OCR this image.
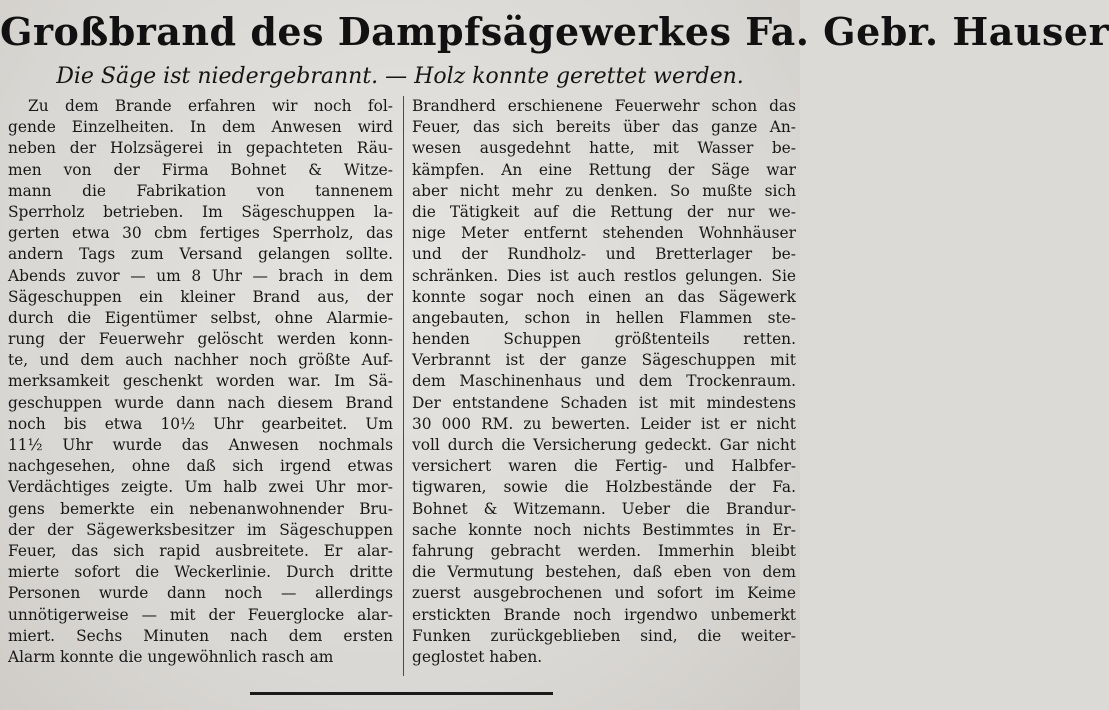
Großbrand des Dampfsägewerkes Fa. Gebr. Hauser
Die Säge ist niedergebrannt. — Holz konnte gerettet werden.
Zu dem Brande erfahren wir noch fol-
gende Einzelheiten. In dem Anwesen wird
neben der Holzsägerei in gepachteten Räu-
men von der Firma Bohnet & Witze-
mann die Fabrikation von tannenem
Sperrholz betrieben. Im Sägeschuppen la-
gerten etwa 30 cbm fertiges Sperrholz, das
andern Tags zum Versand gelangen sollte.
Abends zuvor — um 8 Uhr — brach in dem
Sägeschuppen ein kleiner Brand aus, der
durch die Eigentümer selbst, ohne Alarmie-
rung der Feuerwehr gelöscht werden konn-
te, und dem auch nachher noch größte Auf-
merksamkeit geschenkt worden war. Im Sä-
geschuppen wurde dann nach diesem Brand
noch bis etwa 10½ Uhr gearbeitet. Um
11½ Uhr wurde das Anwesen nochmals
nachgesehen, ohne daß sich irgend etwas
Verdächtiges zeigte. Um halb zwei Uhr mor-
gens bemerkte ein nebenanwohnender Bru-
der der Sägewerksbesitzer im Sägeschuppen
Feuer, das sich rapid ausbreitete. Er alar-
mierte sofort die Weckerlinie. Durch dritte
Personen wurde dann noch — allerdings
unnötigerweise — mit der Feuerglocke alar-
miert. Sechs Minuten nach dem ersten
Alarm konnte die ungewöhnlich rasch am
Brandherd erschienene Feuerwehr schon das
Feuer, das sich bereits über das ganze An-
wesen ausgedehnt hatte, mit Wasser be-
kämpfen. An eine Rettung der Säge war
aber nicht mehr zu denken. So mußte sich
die Tätigkeit auf die Rettung der nur we-
nige Meter entfernt stehenden Wohnhäuser
und der Rundholz- und Bretterlager be-
schränken. Dies ist auch restlos gelungen. Sie
konnte sogar noch einen an das Sägewerk
angebauten, schon in hellen Flammen ste-
henden Schuppen größtenteils retten.
Verbrannt ist der ganze Sägeschuppen mit
dem Maschinenhaus und dem Trockenraum.
Der entstandene Schaden ist mit mindestens
30 000 RM. zu bewerten. Leider ist er nicht
voll durch die Versicherung gedeckt. Gar nicht
versichert waren die Fertig- und Halbfer-
tigwaren, sowie die Holzbestände der Fa.
Bohnet & Witzemann. Ueber die Brandur-
sache konnte noch nichts Bestimmtes in Er-
fahrung gebracht werden. Immerhin bleibt
die Vermutung bestehen, daß eben von dem
zuerst ausgebrochenen und sofort im Keime
erstickten Brande noch irgendwo unbemerkt
Funken zurückgeblieben sind, die weiter-
geglostet haben.
